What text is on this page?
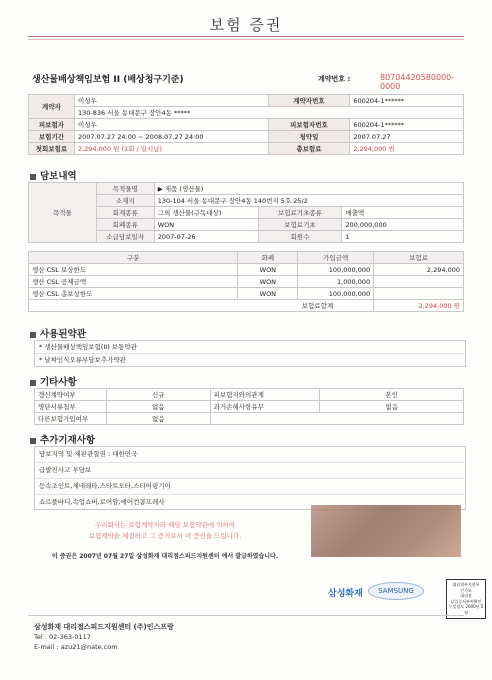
보험 증권
생산물배상책임보험 II (배상청구기준)	계약번호 :	80704420580000-0000
계약자	이성우	계약자번호	600204-1******
	130-836 서울 동대문구 장안4동 *****		
피보험자	이성우	피보험자번호	600204-1******
보험기간	2007.07.27 24:00 ~ 2008.07.27 24:00	청약일	2007.07.27
첫회보험료	2,294,000 원 (1회 / 일시납)	총보험료	2,294,000 원
담보내역
목적물	목적물명	▶ 제품 (생산물)		
	소재지	130-104 서울 동대문구 장안4동 140번지 5호 25/2		
	회계종류	그외 생산물(구독대상)	보험료기초종류	매출액
	회폐종류	WON	보험료기초	200,000,000
	소급담보일자	2007-07-26	회원수	1
구분	화폐	가입금액	보험료
생산 CSL 보상한도	WON	100,000,000	2,294,000
생산 CSL 공제금액	WON	1,000,000	
생산 CSL 총보상한도	WON	100,000,000	
보험료합계			2,294,000 원
사용된약관
* 생산물배상책임보험(II) 보통약관
* 날짜인식오류부담보추가약관
기타사항
갱신계약여부	신규	피보험자와의관계	본인
명단서류첨부	없음	과거손해사항유무	없음
다른보험가입여부	없음		
추가기재사항
담보지역 및 재판관할권 : 대한민국
급발진사고 부담보
등속조인트,제네레타,스타트모타,스티어링기어
쇼르플바디,속업쇼버,로어암,에어컨콤프레사
우리회사는 보험계약자와 해당 보험약관에 의하여
보험계약을 체결하고 그 증거로서 이 증권을 드립니다.
이 증권은 2007년 07월 27일 삼성화재 대리점스피드지원센터 에서 발급하였습니다.
삼성화재	SAMSUNG
대리점부지점부
인가조
대리점
납입증서부여확인
무일장도 2000년 5월
삼성화재 대리점스피드지원센터 (주)인스프랑
Tel : 02-363-0117
E-mail : azu21@nate.com
